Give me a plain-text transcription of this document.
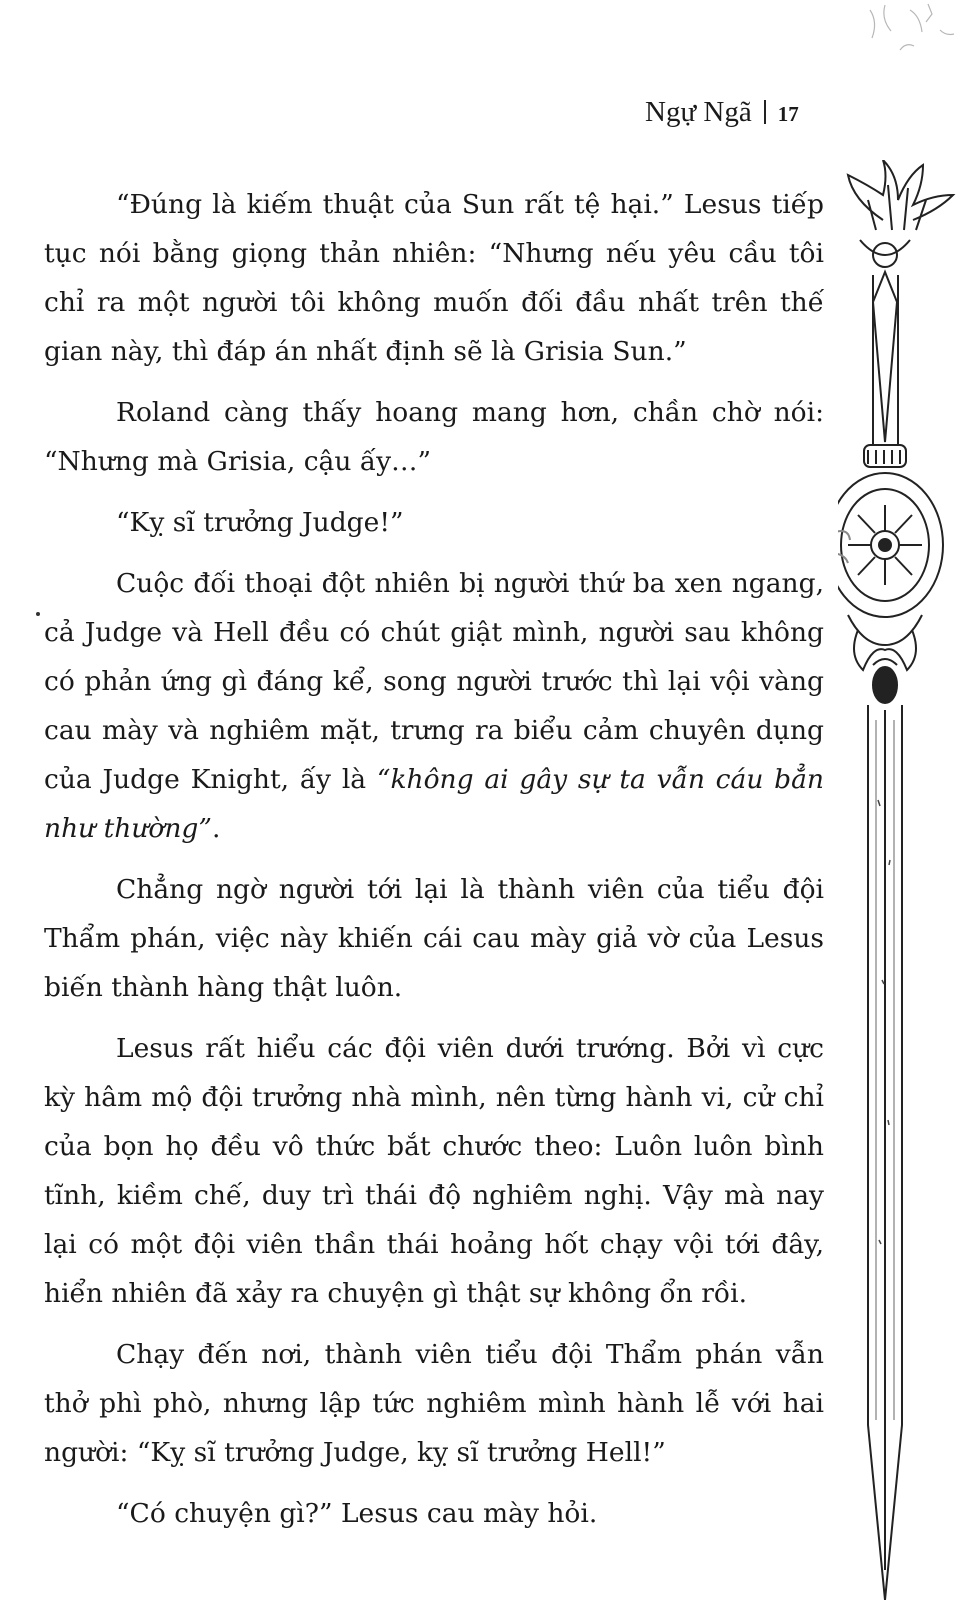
Ngự Ngã 17

“Đúng là kiếm thuật của Sun rất tệ hại.” Lesus tiếp tục nói bằng giọng thản nhiên: “Nhưng nếu yêu cầu tôi chỉ ra một người tôi không muốn đối đầu nhất trên thế gian này, thì đáp án nhất định sẽ là Grisia Sun.”

Roland càng thấy hoang mang hơn, chần chờ nói: “Nhưng mà Grisia, cậu ấy…”

“Kỵ sĩ trưởng Judge!”

Cuộc đối thoại đột nhiên bị người thứ ba xen ngang, cả Judge và Hell đều có chút giật mình, người sau không có phản ứng gì đáng kể, song người trước thì lại vội vàng cau mày và nghiêm mặt, trưng ra biểu cảm chuyên dụng của Judge Knight, ấy là “không ai gây sự ta vẫn cáu bẳn như thường”.

Chẳng ngờ người tới lại là thành viên của tiểu đội Thẩm phán, việc này khiến cái cau mày giả vờ của Lesus biến thành hàng thật luôn.

Lesus rất hiểu các đội viên dưới trướng. Bởi vì cực kỳ hâm mộ đội trưởng nhà mình, nên từng hành vi, cử chỉ của bọn họ đều vô thức bắt chước theo: Luôn luôn bình tĩnh, kiềm chế, duy trì thái độ nghiêm nghị. Vậy mà nay lại có một đội viên thần thái hoảng hốt chạy vội tới đây, hiển nhiên đã xảy ra chuyện gì thật sự không ổn rồi.

Chạy đến nơi, thành viên tiểu đội Thẩm phán vẫn thở phì phò, nhưng lập tức nghiêm mình hành lễ với hai người: “Kỵ sĩ trưởng Judge, kỵ sĩ trưởng Hell!”

“Có chuyện gì?” Lesus cau mày hỏi.
